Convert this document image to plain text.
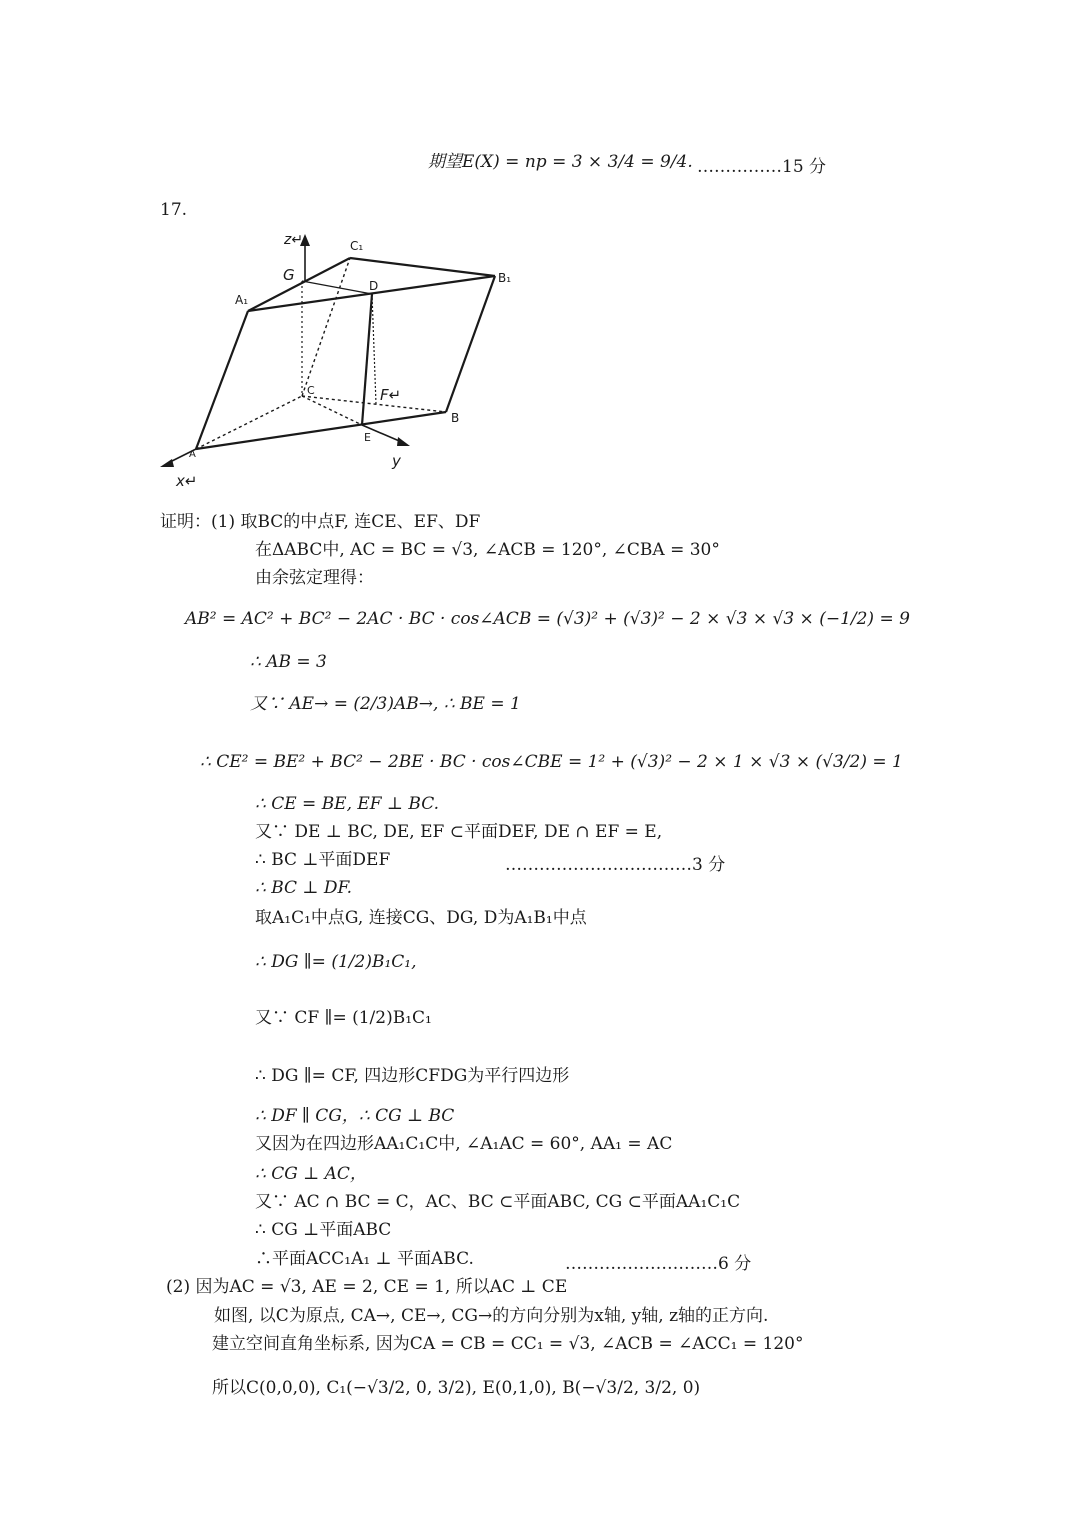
期望E(X) = np = 3 × 3/4 = 9/4. ……………15 分
17.
z↵	C₁
B₁
G
D
A₁
C	F↵
B
A
E
y
x↵
证明：(1) 取BC的中点F, 连CE、EF、DF
在ΔABC中, AC = BC = √3, ∠ACB = 120°, ∠CBA = 30°
由余弦定理得：
AB² = AC² + BC² − 2AC · BC · cos∠ACB = (√3)² + (√3)² − 2 × √3 × √3 × (−1/2) = 9
∴ AB = 3
又∵ AE→ = (2/3)AB→, ∴ BE = 1
∴ CE² = BE² + BC² − 2BE · BC · cos∠CBE = 1² + (√3)² − 2 × 1 × √3 × (√3/2) = 1
∴ CE = BE, EF ⊥ BC.
又∵ DE ⊥ BC, DE, EF ⊂平面DEF, DE ∩ EF = E,
∴ BC ⊥平面DEF	……………………………3 分
∴ BC ⊥ DF.
取A₁C₁中点G, 连接CG、DG, D为A₁B₁中点
∴ DG ∥= (1/2)B₁C₁,
又∵ CF ∥= (1/2)B₁C₁
∴ DG ∥= CF, 四边形CFDG为平行四边形
∴ DF ∥ CG，∴ CG ⊥ BC
又因为在四边形AA₁C₁C中, ∠A₁AC = 60°, AA₁ = AC
∴ CG ⊥ AC，
又∵ AC ∩ BC = C，AC、BC ⊂平面ABC, CG ⊂平面AA₁C₁C
∴ CG ⊥平面ABC
∴平面ACC₁A₁ ⊥ 平面ABC.	………………………6 分
(2) 因为AC = √3, AE = 2, CE = 1, 所以AC ⊥ CE
如图, 以C为原点, CA→, CE→, CG→的方向分别为x轴, y轴, z轴的正方向.
建立空间直角坐标系, 因为CA = CB = CC₁ = √3, ∠ACB = ∠ACC₁ = 120°
所以C(0,0,0), C₁(−√3/2, 0, 3/2), E(0,1,0), B(−√3/2, 3/2, 0)
